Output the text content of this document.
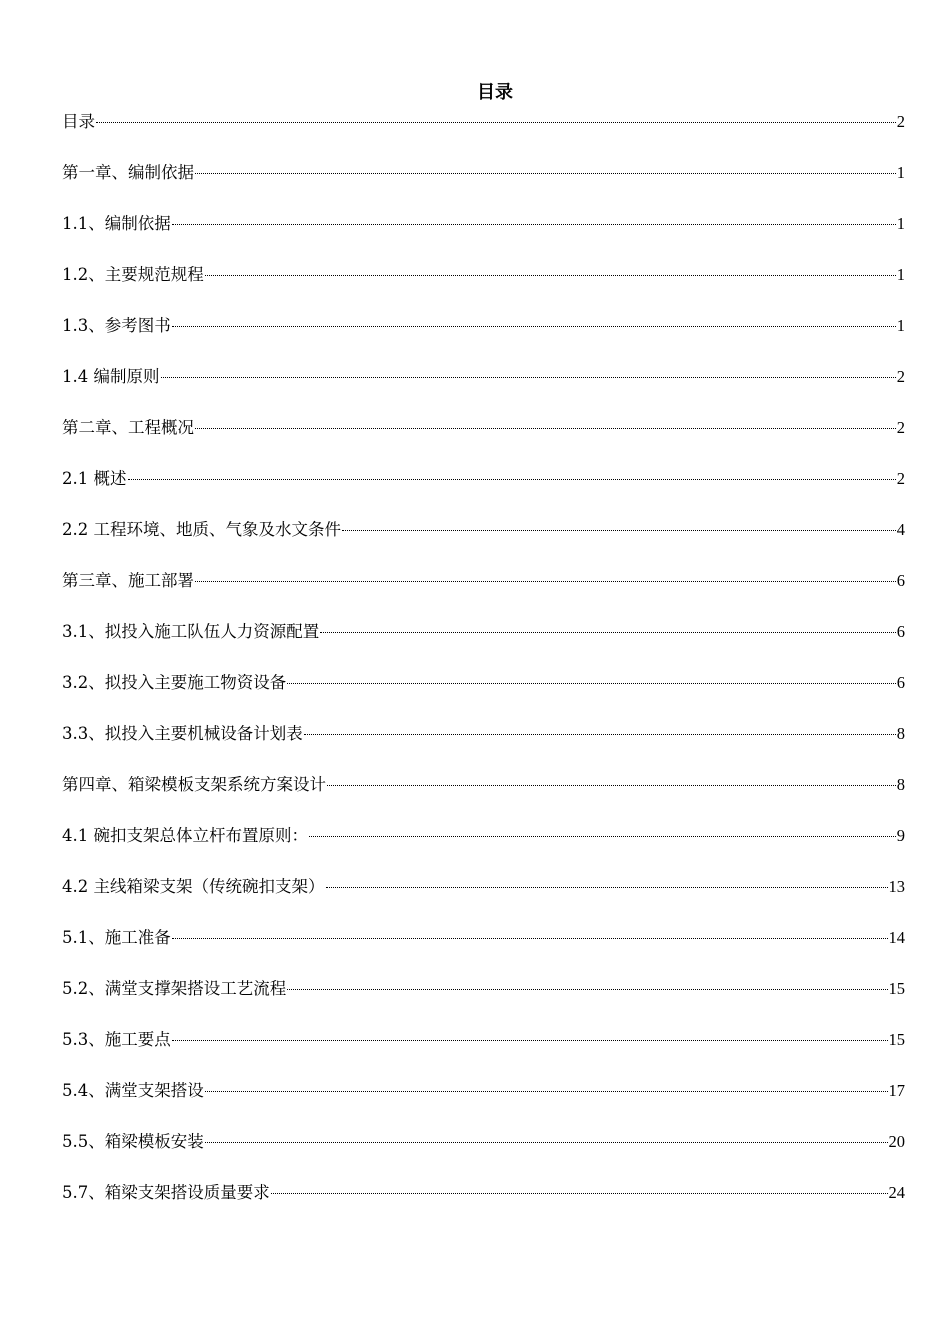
目录
目录	2
第一章、编制依据	1
1.1、编制依据	1
1.2、主要规范规程	1
1.3、参考图书	1
1.4 编制原则	2
第二章、工程概况	2
2.1 概述	2
2.2 工程环境、地质、气象及水文条件	4
第三章、施工部署	6
3.1、拟投入施工队伍人力资源配置	6
3.2、拟投入主要施工物资设备	6
3.3、拟投入主要机械设备计划表	8
第四章、箱梁模板支架系统方案设计	8
4.1 碗扣支架总体立杆布置原则：	9
4.2 主线箱梁支架（传统碗扣支架）	13
5.1、施工准备	14
5.2、满堂支撑架搭设工艺流程	15
5.3、施工要点	15
5.4、满堂支架搭设	17
5.5、箱梁模板安装	20
5.7、箱梁支架搭设质量要求	24
